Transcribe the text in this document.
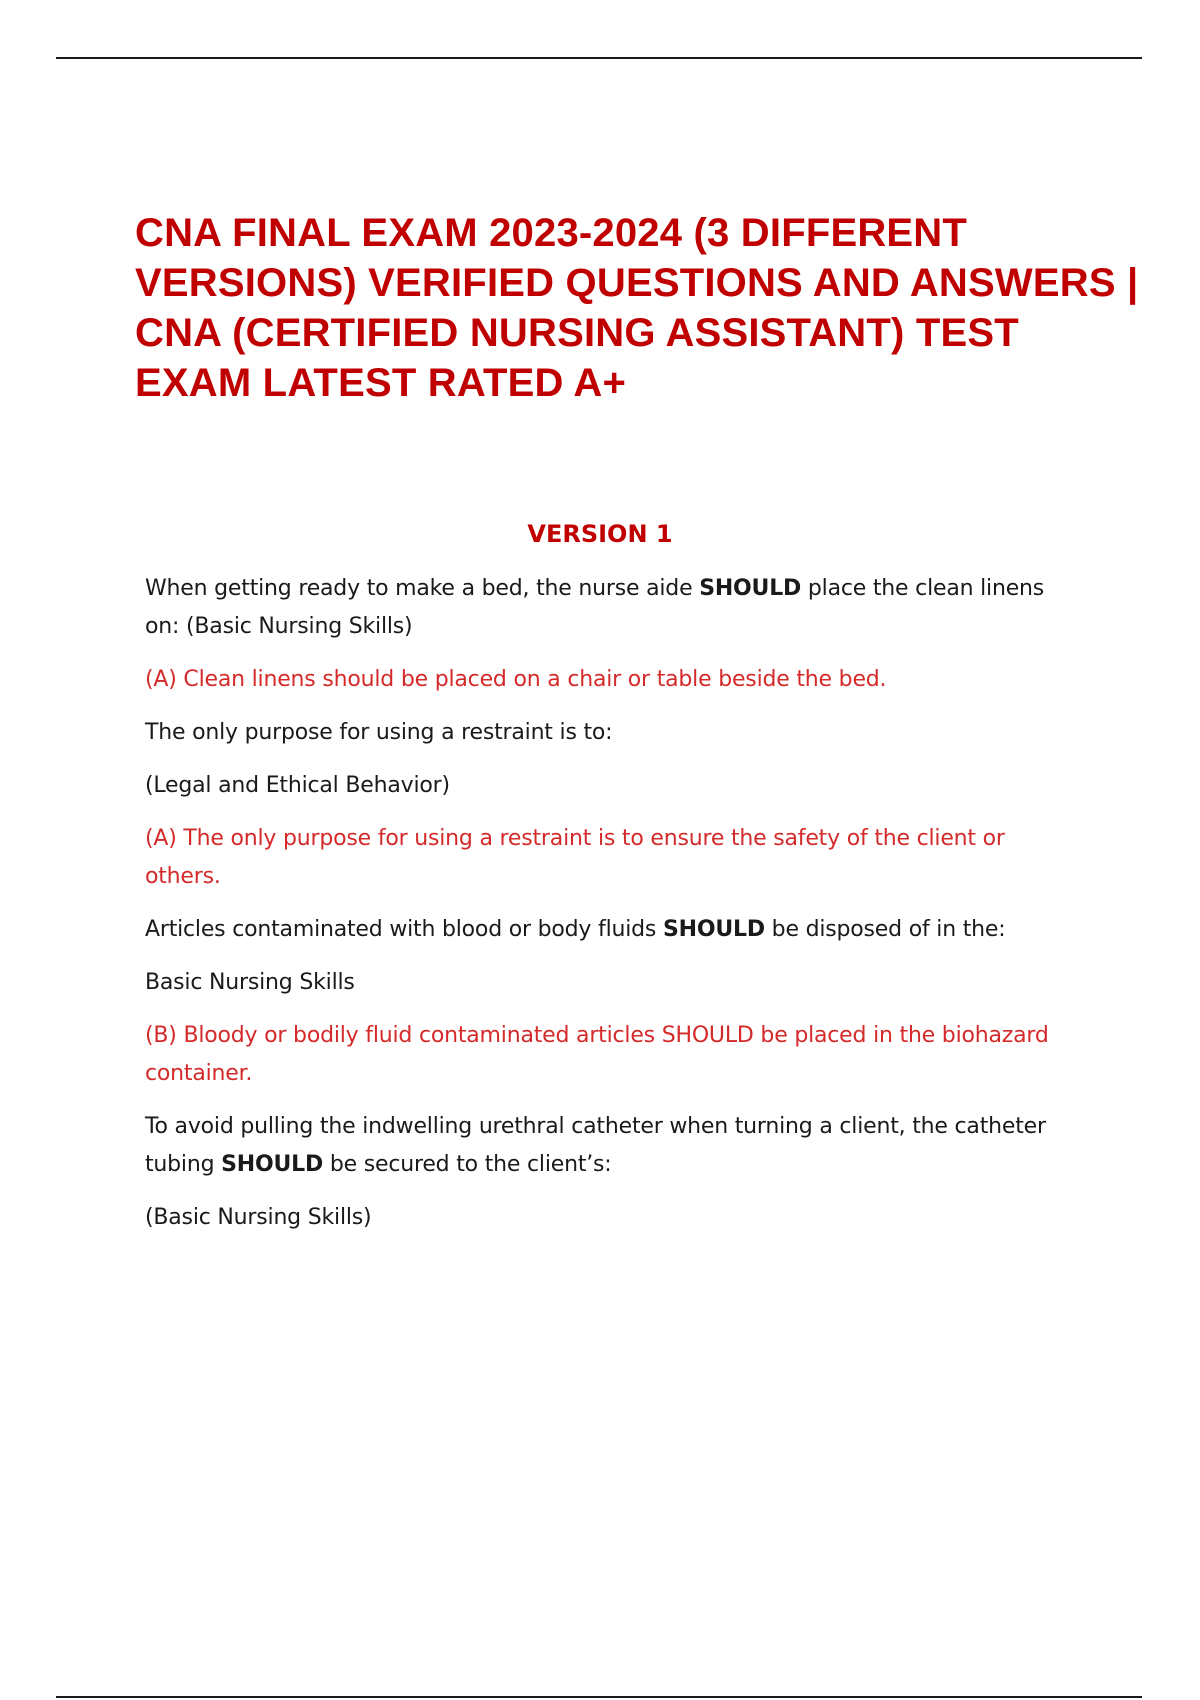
CNA FINAL EXAM 2023-2024 (3 DIFFERENT VERSIONS) VERIFIED QUESTIONS AND ANSWERS | CNA (CERTIFIED NURSING ASSISTANT) TEST EXAM LATEST RATED A+
VERSION 1

When getting ready to make a bed, the nurse aide SHOULD place the clean linens on: (Basic Nursing Skills)

(A) Clean linens should be placed on a chair or table beside the bed.

The only purpose for using a restraint is to:

(Legal and Ethical Behavior)

(A) The only purpose for using a restraint is to ensure the safety of the client or others.

Articles contaminated with blood or body fluids SHOULD be disposed of in the:

Basic Nursing Skills

(B) Bloody or bodily fluid contaminated articles SHOULD be placed in the biohazard container.

To avoid pulling the indwelling urethral catheter when turning a client, the catheter tubing SHOULD be secured to the client’s:

(Basic Nursing Skills)
